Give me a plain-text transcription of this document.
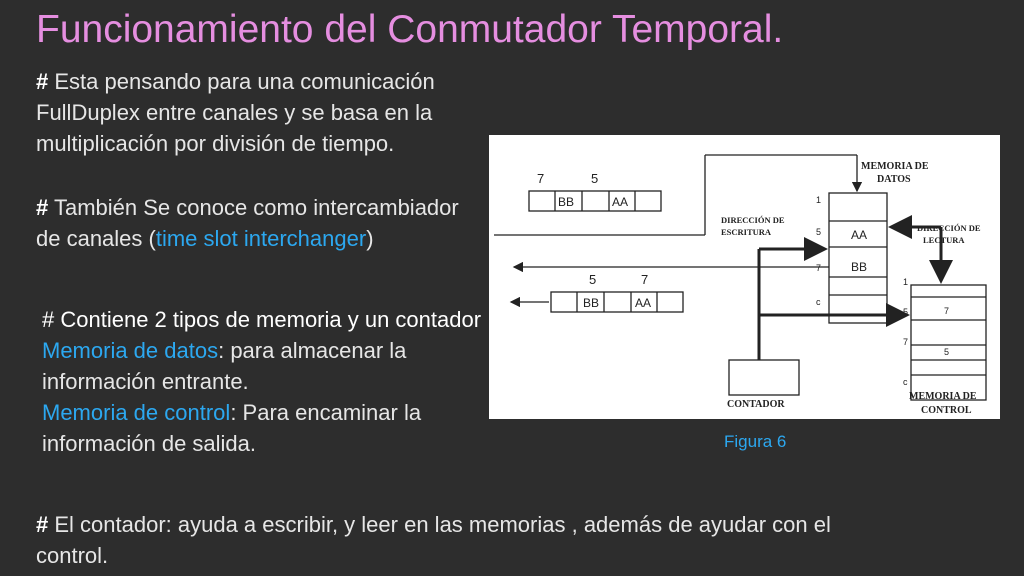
Funcionamiento del Conmutador Temporal.
# Esta pensando para una comunicación FullDuplex entre canales y se basa en la multiplicación por división de tiempo.
# También Se conoce como intercambiador de canales (time slot interchanger)
# Contiene 2 tipos de memoria y un contador
Memoria de datos: para almacenar la información entrante.
Memoria de control: Para encaminar la información de salida.
# El contador: ayuda a escribir, y leer en las memorias , además de ayudar con el control.
7	5
BB	AA
5	7
BB	AA
MEMORIA DE
DATOS
DIRECCIÓN DE
ESCRITURA	DIRECCIÓN DE
LECTURA
1
5
7
c
AA
BB
1
5
7
c
7
5
CONTADOR
MEMORIA DE
CONTROL
Figura 6
